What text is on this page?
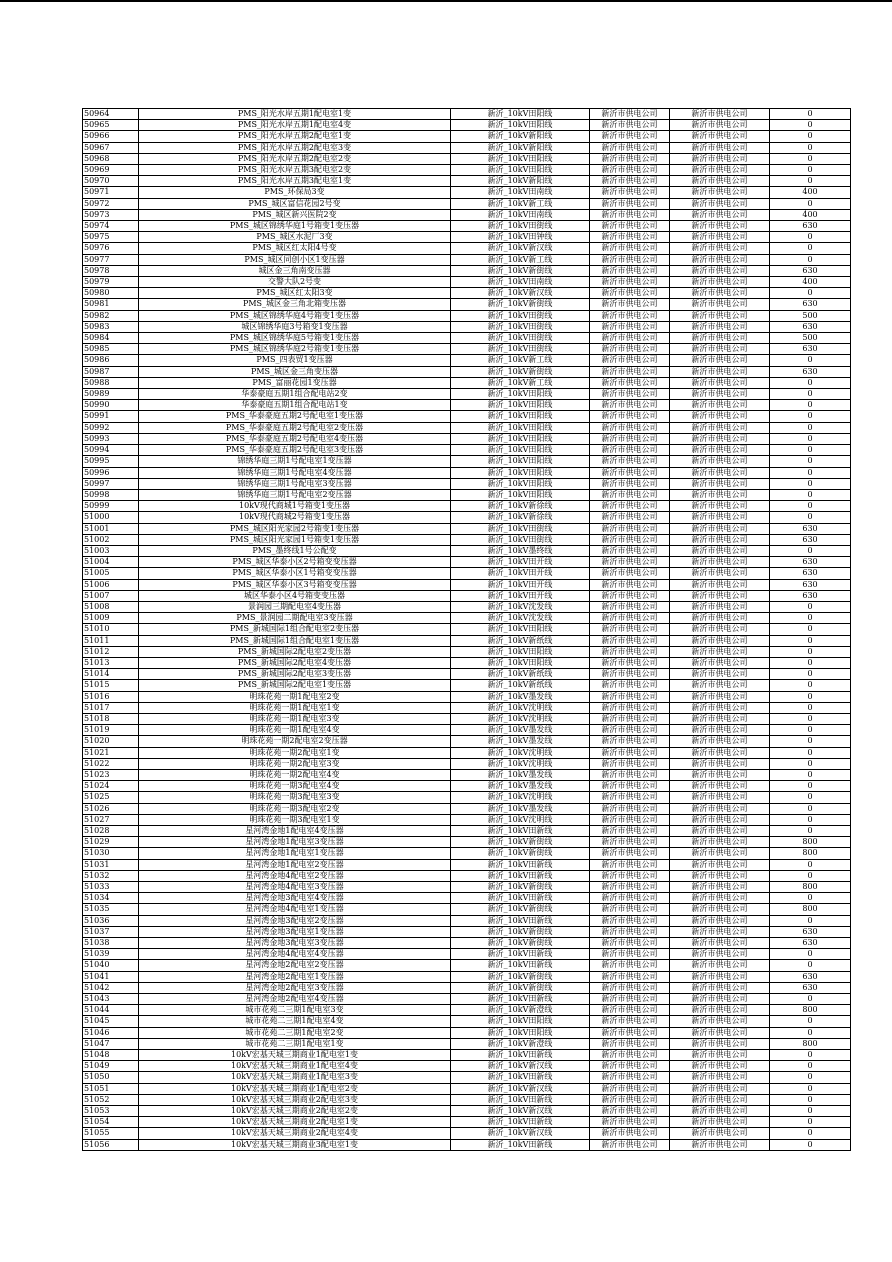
50964	PMS_阳光水岸五期1配电室1变	新沂_10kV田阳线	新沂市供电公司	新沂市供电公司	0
50965	PMS_阳光水岸五期1配电室4变	新沂_10kV田阳线	新沂市供电公司	新沂市供电公司	0
50966	PMS_阳光水岸五期2配电室1变	新沂_10kV新阳线	新沂市供电公司	新沂市供电公司	0
50967	PMS_阳光水岸五期2配电室3变	新沂_10kV新阳线	新沂市供电公司	新沂市供电公司	0
50968	PMS_阳光水岸五期2配电室2变	新沂_10kV田阳线	新沂市供电公司	新沂市供电公司	0
50969	PMS_阳光水岸五期3配电室2变	新沂_10kV田阳线	新沂市供电公司	新沂市供电公司	0
50970	PMS_阳光水岸五期3配电室1变	新沂_10kV新阳线	新沂市供电公司	新沂市供电公司	0
50971	PMS_环保局3变	新沂_10kV田南线	新沂市供电公司	新沂市供电公司	400
50972	PMS_城区富信花园2号变	新沂_10kV新工线	新沂市供电公司	新沂市供电公司	0
50973	PMS_城区新兴医院2变	新沂_10kV田南线	新沂市供电公司	新沂市供电公司	400
50974	PMS_城区锦绣华庭1号箱变1变压器	新沂_10kV田街线	新沂市供电公司	新沂市供电公司	630
50975	PMS_城区水泥厂3变	新沂_10kV田钟线	新沂市供电公司	新沂市供电公司	0
50976	PMS_城区红太阳4号变	新沂_10kV新汉线	新沂市供电公司	新沂市供电公司	0
50977	PMS_城区同创小区1变压器	新沂_10kV新工线	新沂市供电公司	新沂市供电公司	0
50978	城区金三角南变压器	新沂_10kV新街线	新沂市供电公司	新沂市供电公司	630
50979	交警大队2号变	新沂_10kV田南线	新沂市供电公司	新沂市供电公司	400
50980	PMS_城区红太阳3变	新沂_10kV新汉线	新沂市供电公司	新沂市供电公司	0
50981	PMS_城区金三角北箱变压器	新沂_10kV新街线	新沂市供电公司	新沂市供电公司	630
50982	PMS_城区锦绣华庭4号箱变1变压器	新沂_10kV田街线	新沂市供电公司	新沂市供电公司	500
50983	城区锦绣华庭3号箱变1变压器	新沂_10kV田街线	新沂市供电公司	新沂市供电公司	630
50984	PMS_城区锦绣华庭5号箱变1变压器	新沂_10kV田街线	新沂市供电公司	新沂市供电公司	500
50985	PMS_城区锦绣华庭2号箱变1变压器	新沂_10kV田街线	新沂市供电公司	新沂市供电公司	630
50986	PMS_四表贸1变压器	新沂_10kV新工线	新沂市供电公司	新沂市供电公司	0
50987	PMS_城区金三角变压器	新沂_10kV新街线	新沂市供电公司	新沂市供电公司	630
50988	PMS_富丽花园1变压器	新沂_10kV新工线	新沂市供电公司	新沂市供电公司	0
50989	华泰豪庭五期1组合配电站2变	新沂_10kV田阳线	新沂市供电公司	新沂市供电公司	0
50990	华泰豪庭五期1组合配电站1变	新沂_10kV田阳线	新沂市供电公司	新沂市供电公司	0
50991	PMS_华泰豪庭五期2号配电室1变压器	新沂_10kV田阳线	新沂市供电公司	新沂市供电公司	0
50992	PMS_华泰豪庭五期2号配电室2变压器	新沂_10kV田阳线	新沂市供电公司	新沂市供电公司	0
50993	PMS_华泰豪庭五期2号配电室4变压器	新沂_10kV田阳线	新沂市供电公司	新沂市供电公司	0
50994	PMS_华泰豪庭五期2号配电室3变压器	新沂_10kV田阳线	新沂市供电公司	新沂市供电公司	0
50995	锦绣华庭三期1号配电室1变压器	新沂_10kV田阳线	新沂市供电公司	新沂市供电公司	0
50996	锦绣华庭三期1号配电室4变压器	新沂_10kV田阳线	新沂市供电公司	新沂市供电公司	0
50997	锦绣华庭三期1号配电室3变压器	新沂_10kV田阳线	新沂市供电公司	新沂市供电公司	0
50998	锦绣华庭三期1号配电室2变压器	新沂_10kV田阳线	新沂市供电公司	新沂市供电公司	0
50999	10kV现代商城1号箱变1变压器	新沂_10kV新徐线	新沂市供电公司	新沂市供电公司	0
51000	10kV现代商城2号箱变1变压器	新沂_10kV新徐线	新沂市供电公司	新沂市供电公司	0
51001	PMS_城区阳光家园2号箱变1变压器	新沂_10kV田街线	新沂市供电公司	新沂市供电公司	630
51002	PMS_城区阳光家园1号箱变1变压器	新沂_10kV田街线	新沂市供电公司	新沂市供电公司	630
51003	PMS_墨终线1号公配变	新沂_10kV墨终线	新沂市供电公司	新沂市供电公司	0
51004	PMS_城区华泰小区2号箱变变压器	新沂_10kV田开线	新沂市供电公司	新沂市供电公司	630
51005	PMS_城区华泰小区1号箱变变压器	新沂_10kV田开线	新沂市供电公司	新沂市供电公司	630
51006	PMS_城区华泰小区3号箱变变压器	新沂_10kV田开线	新沂市供电公司	新沂市供电公司	630
51007	城区华泰小区4号箱变变压器	新沂_10kV田开线	新沂市供电公司	新沂市供电公司	630
51008	景润园三期配电室4变压器	新沂_10kV沈发线	新沂市供电公司	新沂市供电公司	0
51009	PMS_景润园二期配电室3变压器	新沂_10kV沈发线	新沂市供电公司	新沂市供电公司	0
51010	PMS_新城国际1组合配电室2变压器	新沂_10kV田阳线	新沂市供电公司	新沂市供电公司	0
51011	PMS_新城国际1组合配电室1变压器	新沂_10kV新纸线	新沂市供电公司	新沂市供电公司	0
51012	PMS_新城国际2配电室2变压器	新沂_10kV田阳线	新沂市供电公司	新沂市供电公司	0
51013	PMS_新城国际2配电室4变压器	新沂_10kV田阳线	新沂市供电公司	新沂市供电公司	0
51014	PMS_新城国际2配电室3变压器	新沂_10kV新纸线	新沂市供电公司	新沂市供电公司	0
51015	PMS_新城国际2配电室1变压器	新沂_10kV新纸线	新沂市供电公司	新沂市供电公司	0
51016	明珠花苑一期1配电室2变	新沂_10kV墨发线	新沂市供电公司	新沂市供电公司	0
51017	明珠花苑一期1配电室1变	新沂_10kV沈明线	新沂市供电公司	新沂市供电公司	0
51018	明珠花苑一期1配电室3变	新沂_10kV沈明线	新沂市供电公司	新沂市供电公司	0
51019	明珠花苑一期1配电室4变	新沂_10kV墨发线	新沂市供电公司	新沂市供电公司	0
51020	明珠花苑一期2配电室2变压器	新沂_10kV墨发线	新沂市供电公司	新沂市供电公司	0
51021	明珠花苑一期2配电室1变	新沂_10kV沈明线	新沂市供电公司	新沂市供电公司	0
51022	明珠花苑一期2配电室3变	新沂_10kV沈明线	新沂市供电公司	新沂市供电公司	0
51023	明珠花苑一期2配电室4变	新沂_10kV墨发线	新沂市供电公司	新沂市供电公司	0
51024	明珠花苑一期3配电室4变	新沂_10kV墨发线	新沂市供电公司	新沂市供电公司	0
51025	明珠花苑一期3配电室3变	新沂_10kV沈明线	新沂市供电公司	新沂市供电公司	0
51026	明珠花苑一期3配电室2变	新沂_10kV墨发线	新沂市供电公司	新沂市供电公司	0
51027	明珠花苑一期3配电室1变	新沂_10kV沈明线	新沂市供电公司	新沂市供电公司	0
51028	星河湾金地1配电室4变压器	新沂_10kV田新线	新沂市供电公司	新沂市供电公司	0
51029	星河湾金地1配电室3变压器	新沂_10kV新街线	新沂市供电公司	新沂市供电公司	800
51030	星河湾金地1配电室1变压器	新沂_10kV新街线	新沂市供电公司	新沂市供电公司	800
51031	星河湾金地1配电室2变压器	新沂_10kV田新线	新沂市供电公司	新沂市供电公司	0
51032	星河湾金地4配电室2变压器	新沂_10kV田新线	新沂市供电公司	新沂市供电公司	0
51033	星河湾金地4配电室3变压器	新沂_10kV新街线	新沂市供电公司	新沂市供电公司	800
51034	星河湾金地3配电室4变压器	新沂_10kV田新线	新沂市供电公司	新沂市供电公司	0
51035	星河湾金地4配电室1变压器	新沂_10kV新街线	新沂市供电公司	新沂市供电公司	800
51036	星河湾金地3配电室2变压器	新沂_10kV田新线	新沂市供电公司	新沂市供电公司	0
51037	星河湾金地3配电室1变压器	新沂_10kV新街线	新沂市供电公司	新沂市供电公司	630
51038	星河湾金地3配电室3变压器	新沂_10kV新街线	新沂市供电公司	新沂市供电公司	630
51039	星河湾金地4配电室4变压器	新沂_10kV田新线	新沂市供电公司	新沂市供电公司	0
51040	星河湾金地2配电室2变压器	新沂_10kV田新线	新沂市供电公司	新沂市供电公司	0
51041	星河湾金地2配电室1变压器	新沂_10kV新街线	新沂市供电公司	新沂市供电公司	630
51042	星河湾金地2配电室3变压器	新沂_10kV新街线	新沂市供电公司	新沂市供电公司	630
51043	星河湾金地2配电室4变压器	新沂_10kV田新线	新沂市供电公司	新沂市供电公司	0
51044	城市花苑二三期1配电室3变	新沂_10kV新澄线	新沂市供电公司	新沂市供电公司	800
51045	城市花苑二三期1配电室4变	新沂_10kV田阳线	新沂市供电公司	新沂市供电公司	0
51046	城市花苑二三期1配电室2变	新沂_10kV田阳线	新沂市供电公司	新沂市供电公司	0
51047	城市花苑二三期1配电室1变	新沂_10kV新澄线	新沂市供电公司	新沂市供电公司	800
51048	10kV宏基天城三期商业1配电室1变	新沂_10kV田新线	新沂市供电公司	新沂市供电公司	0
51049	10kV宏基天城三期商业1配电室4变	新沂_10kV新汉线	新沂市供电公司	新沂市供电公司	0
51050	10kV宏基天城三期商业1配电室3变	新沂_10kV田新线	新沂市供电公司	新沂市供电公司	0
51051	10kV宏基天城三期商业1配电室2变	新沂_10kV新汉线	新沂市供电公司	新沂市供电公司	0
51052	10kV宏基天城三期商业2配电室3变	新沂_10kV田新线	新沂市供电公司	新沂市供电公司	0
51053	10kV宏基天城三期商业2配电室2变	新沂_10kV新汉线	新沂市供电公司	新沂市供电公司	0
51054	10kV宏基天城三期商业2配电室1变	新沂_10kV田新线	新沂市供电公司	新沂市供电公司	0
51055	10kV宏基天城三期商业2配电室4变	新沂_10kV新汉线	新沂市供电公司	新沂市供电公司	0
51056	10kV宏基天城三期商业3配电室1变	新沂_10kV田新线	新沂市供电公司	新沂市供电公司	0
